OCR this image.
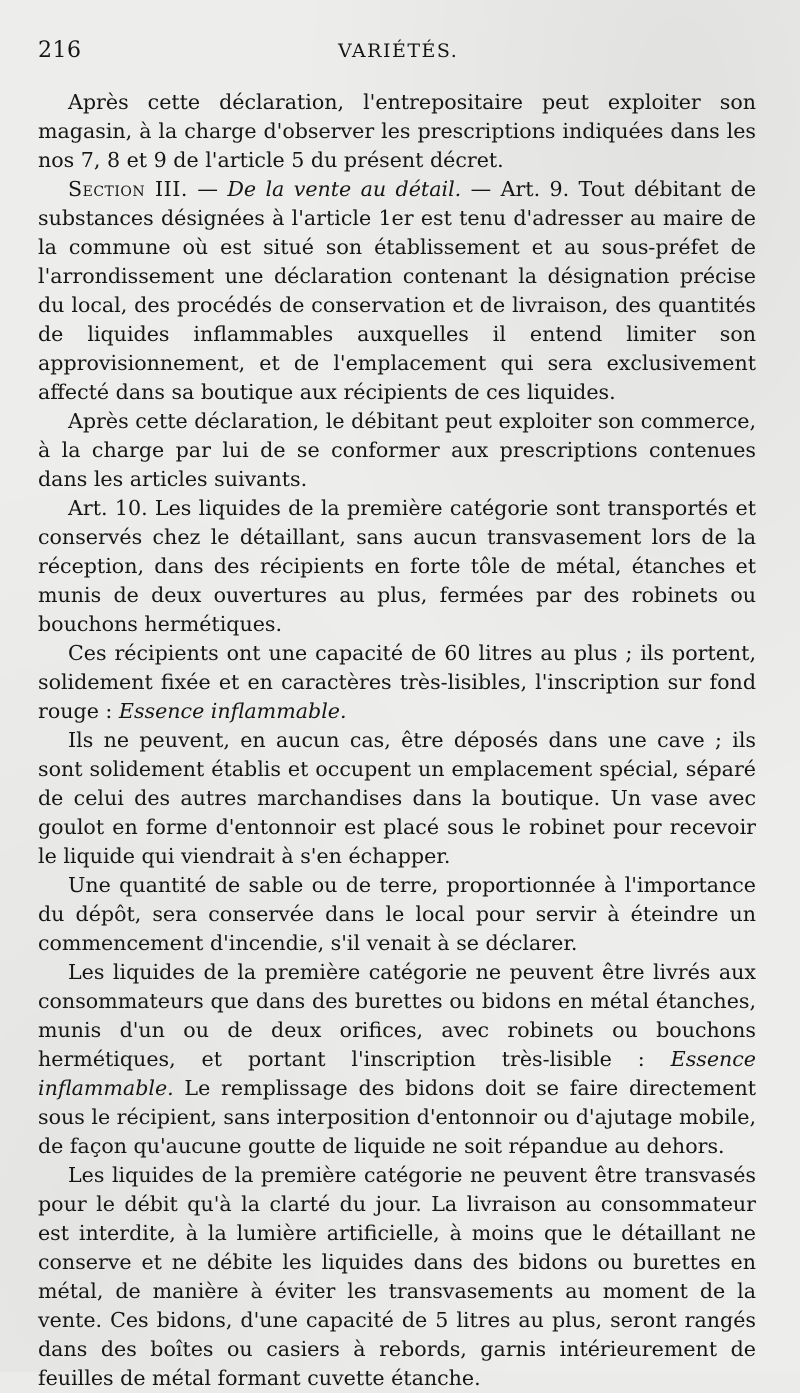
216	VARIÉTÉS.

Après cette déclaration, l'entrepositaire peut exploiter son magasin, à la charge d'observer les prescriptions indiquées dans les nos 7, 8 et 9 de l'article 5 du présent décret.

Section III. — De la vente au détail. — Art. 9. Tout débitant de substances désignées à l'article 1er est tenu d'adresser au maire de la commune où est situé son établissement et au sous-préfet de l'arrondissement une déclaration contenant la désignation précise du local, des procédés de conservation et de livraison, des quantités de liquides inflammables auxquelles il entend limiter son approvisionnement, et de l'emplacement qui sera exclusivement affecté dans sa boutique aux récipients de ces liquides.

Après cette déclaration, le débitant peut exploiter son commerce, à la charge par lui de se conformer aux prescriptions contenues dans les articles suivants.

Art. 10. Les liquides de la première catégorie sont transportés et conservés chez le détaillant, sans aucun transvasement lors de la réception, dans des récipients en forte tôle de métal, étanches et munis de deux ouvertures au plus, fermées par des robinets ou bouchons hermétiques.

Ces récipients ont une capacité de 60 litres au plus ; ils portent, solidement fixée et en caractères très-lisibles, l'inscription sur fond rouge : Essence inflammable.

Ils ne peuvent, en aucun cas, être déposés dans une cave ; ils sont solidement établis et occupent un emplacement spécial, séparé de celui des autres marchandises dans la boutique. Un vase avec goulot en forme d'entonnoir est placé sous le robinet pour recevoir le liquide qui viendrait à s'en échapper.

Une quantité de sable ou de terre, proportionnée à l'importance du dépôt, sera conservée dans le local pour servir à éteindre un commencement d'incendie, s'il venait à se déclarer.

Les liquides de la première catégorie ne peuvent être livrés aux consommateurs que dans des burettes ou bidons en métal étanches, munis d'un ou de deux orifices, avec robinets ou bouchons hermétiques, et portant l'inscription très-lisible : Essence inflammable. Le remplissage des bidons doit se faire directement sous le récipient, sans interposition d'entonnoir ou d'ajutage mobile, de façon qu'aucune goutte de liquide ne soit répandue au dehors.

Les liquides de la première catégorie ne peuvent être transvasés pour le débit qu'à la clarté du jour. La livraison au consommateur est interdite, à la lumière artificielle, à moins que le détaillant ne conserve et ne débite les liquides dans des bidons ou burettes en métal, de manière à éviter les transvasements au moment de la vente. Ces bidons, d'une capacité de 5 litres au plus, seront rangés dans des boîtes ou casiers à rebords, garnis intérieurement de feuilles de métal formant cuvette étanche.
